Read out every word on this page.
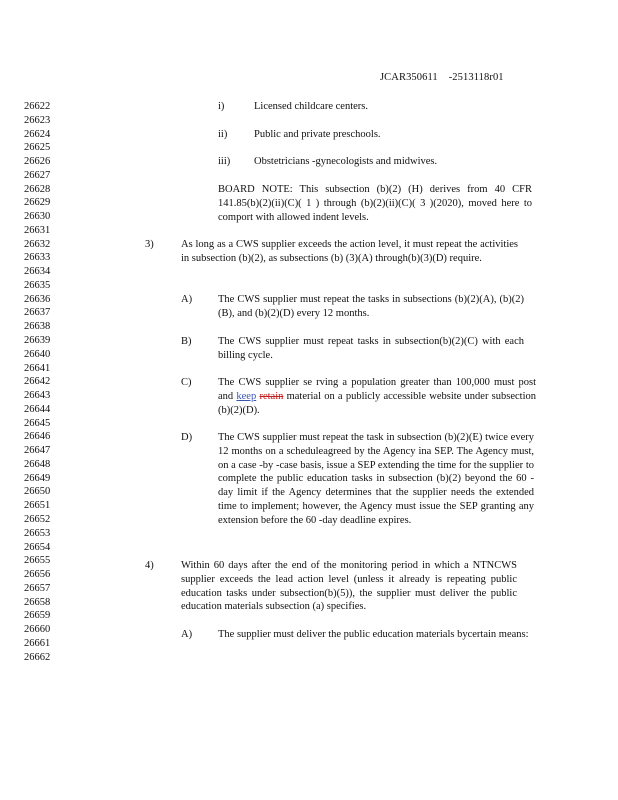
JCAR350611 -2513118r01
26622
26623
26624
26625
26626
26627
26628
26629
26630
26631
26632
26633
26634
26635
26636
26637
26638
26639
26640
26641
26642
26643
26644
26645
26646
26647
26648
26649
26650
26651
26652
26653
26654
26655
26656
26657
26658
26659
26660
26661
26662
i)	Licensed childcare centers.
ii)	Public and private preschools.
iii) Obstetricians -gynecologists and midwives.
BOARD NOTE: This subsection (b)(2) (H) derives from 40 CFR 141.85(b)(2)(ii)(C)( 1 ) through (b)(2)(ii)(C)( 3 )(2020), moved here to comport with allowed indent levels.
3)	As long as a CWS supplier exceeds the action level, it must repeat the activities in subsection (b)(2), as subsections (b) (3)(A) through(b)(3)(D) require.
A) The CWS supplier must repeat the tasks in subsections (b)(2)(A), (b)(2)(B), and (b)(2)(D) every 12 months.
B)	The CWS supplier must repeat tasks in subsection(b)(2)(C) with each billing cycle.
C)	The CWS supplier se rving a population greater than 100,000 must post and keep retain material on a publicly accessible website under subsection (b)(2)(D).
D) The CWS supplier must repeat the task in subsection (b)(2)(E) twice every 12 months on a scheduleagreed by the Agency ina SEP. The Agency must, on a case -by -case basis, issue a SEP extending the time for the supplier to complete the public education tasks in subsection (b)(2) beyond the 60 -day limit if the Agency determines that the supplier needs the extended time to implement; however, the Agency must issue the SEP granting any extension before the 60 -day deadline expires.
4)	Within 60 days after the end of the monitoring period in which a NTNCWS supplier exceeds the lead action level (unless it already is repeating public education tasks under subsection(b)(5)), the supplier must deliver the public education materials subsection (a) specifies.
A) The supplier must deliver the public education materials bycertain means:
